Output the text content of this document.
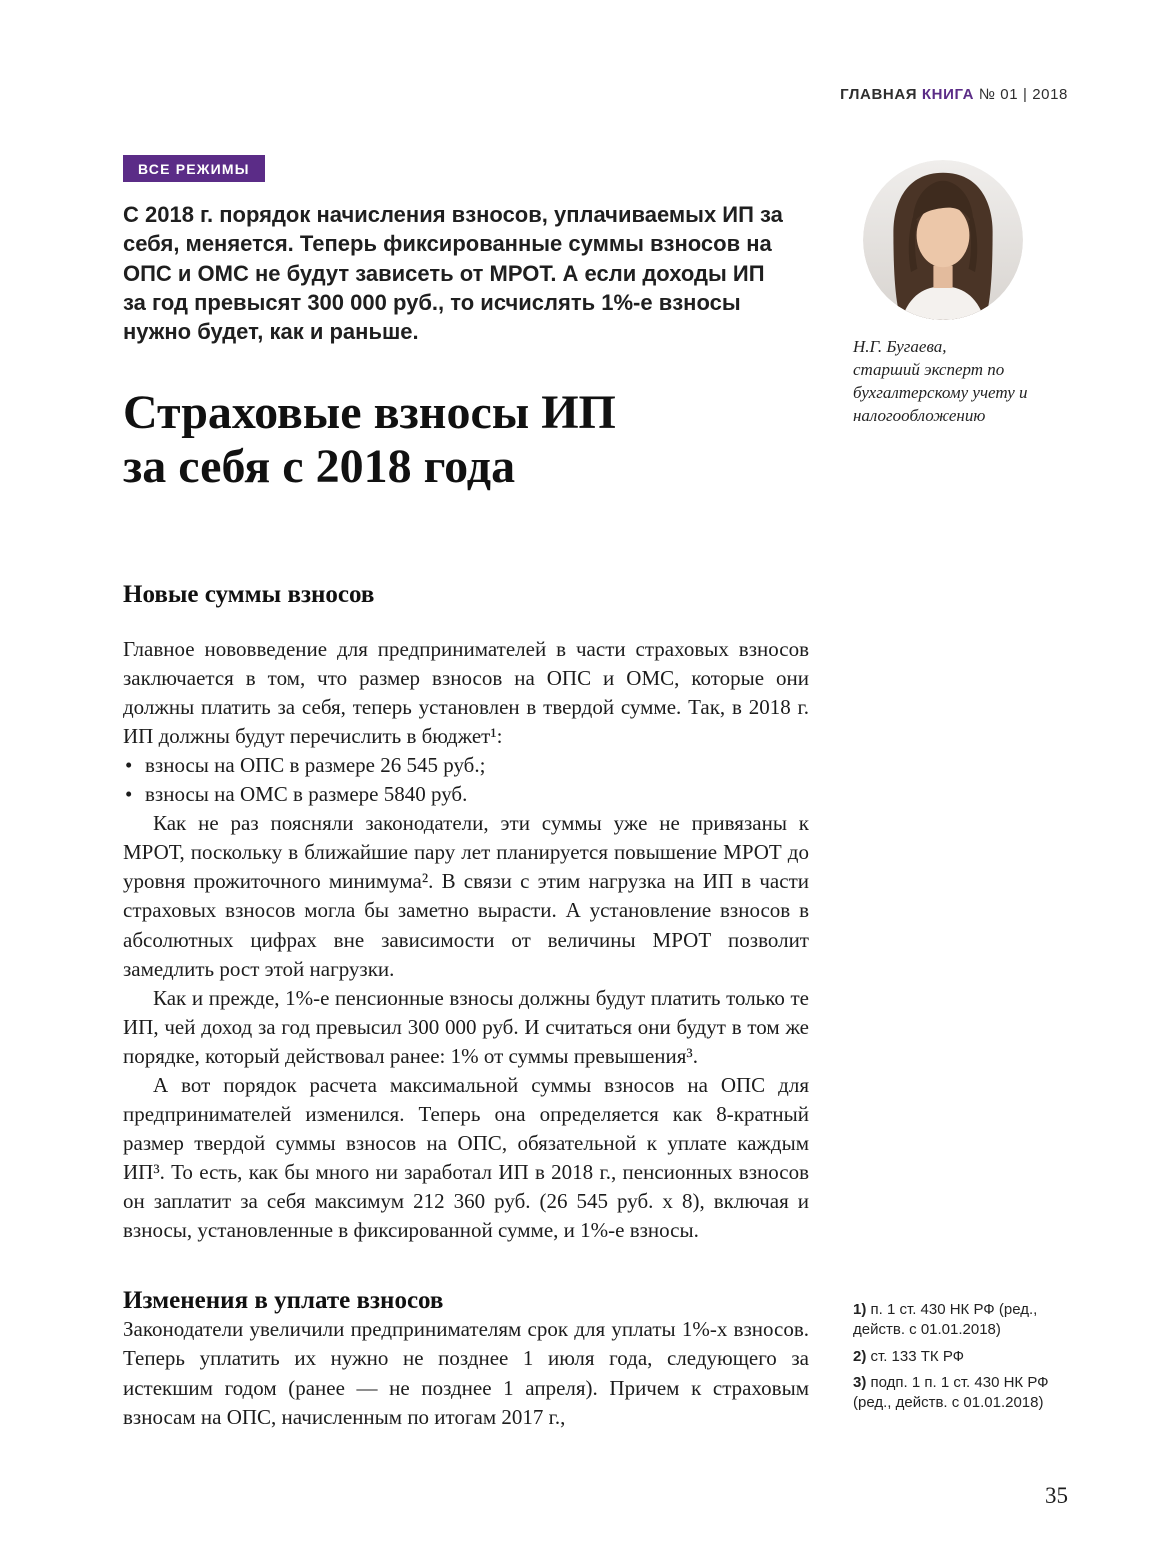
ГЛАВНАЯ КНИГА № 01 | 2018
ВСЕ РЕЖИМЫ
С 2018 г. порядок начисления взносов, уплачиваемых ИП за себя, меняется. Теперь фиксированные суммы взносов на ОПС и ОМС не будут зависеть от МРОТ. А если доходы ИП за год превысят 300 000 руб., то исчислять 1%-е взносы нужно будет, как и раньше.
Страховые взносы ИП
за себя с 2018 года
Новые суммы взносов

Главное нововведение для предпринимателей в части страховых взносов заключается в том, что размер взносов на ОПС и ОМС, которые они должны платить за себя, теперь установлен в твердой сумме. Так, в 2018 г. ИП должны будут перечислить в бюджет¹:

• взносы на ОПС в размере 26 545 руб.;

• взносы на ОМС в размере 5840 руб.

Как не раз поясняли законодатели, эти суммы уже не привязаны к МРОТ, поскольку в ближайшие пару лет планируется повышение МРОТ до уровня прожиточного минимума². В связи с этим нагрузка на ИП в части страховых взносов могла бы заметно вырасти. А установление взносов в абсолютных цифрах вне зависимости от величины МРОТ позволит замедлить рост этой нагрузки.

Как и прежде, 1%-е пенсионные взносы должны будут платить только те ИП, чей доход за год превысил 300 000 руб. И считаться они будут в том же порядке, который действовал ранее: 1% от суммы превышения³.

А вот порядок расчета максимальной суммы взносов на ОПС для предпринимателей изменился. Теперь она определяется как 8-кратный размер твердой суммы взносов на ОПС, обязательной к уплате каждым ИП³. То есть, как бы много ни заработал ИП в 2018 г., пенсионных взносов он заплатит за себя максимум 212 360 руб. (26 545 руб. х 8), включая и взносы, установленные в фиксированной сумме, и 1%-е взносы.

Изменения в уплате взносов

Законодатели увеличили предпринимателям срок для уплаты 1%-х взносов. Теперь уплатить их нужно не позднее 1 июля года, следующего за истекшим годом (ранее — не позднее 1 апреля). Причем к страховым взносам на ОПС, начисленным по итогам 2017 г.,

Н.Г. Бугаева,
старший эксперт по бухгалтерскому учету и налогообложению
1) п. 1 ст. 430 НК РФ (ред., действ. с 01.01.2018)
2) ст. 133 ТК РФ
3) подп. 1 п. 1 ст. 430 НК РФ (ред., действ. с 01.01.2018)
35
